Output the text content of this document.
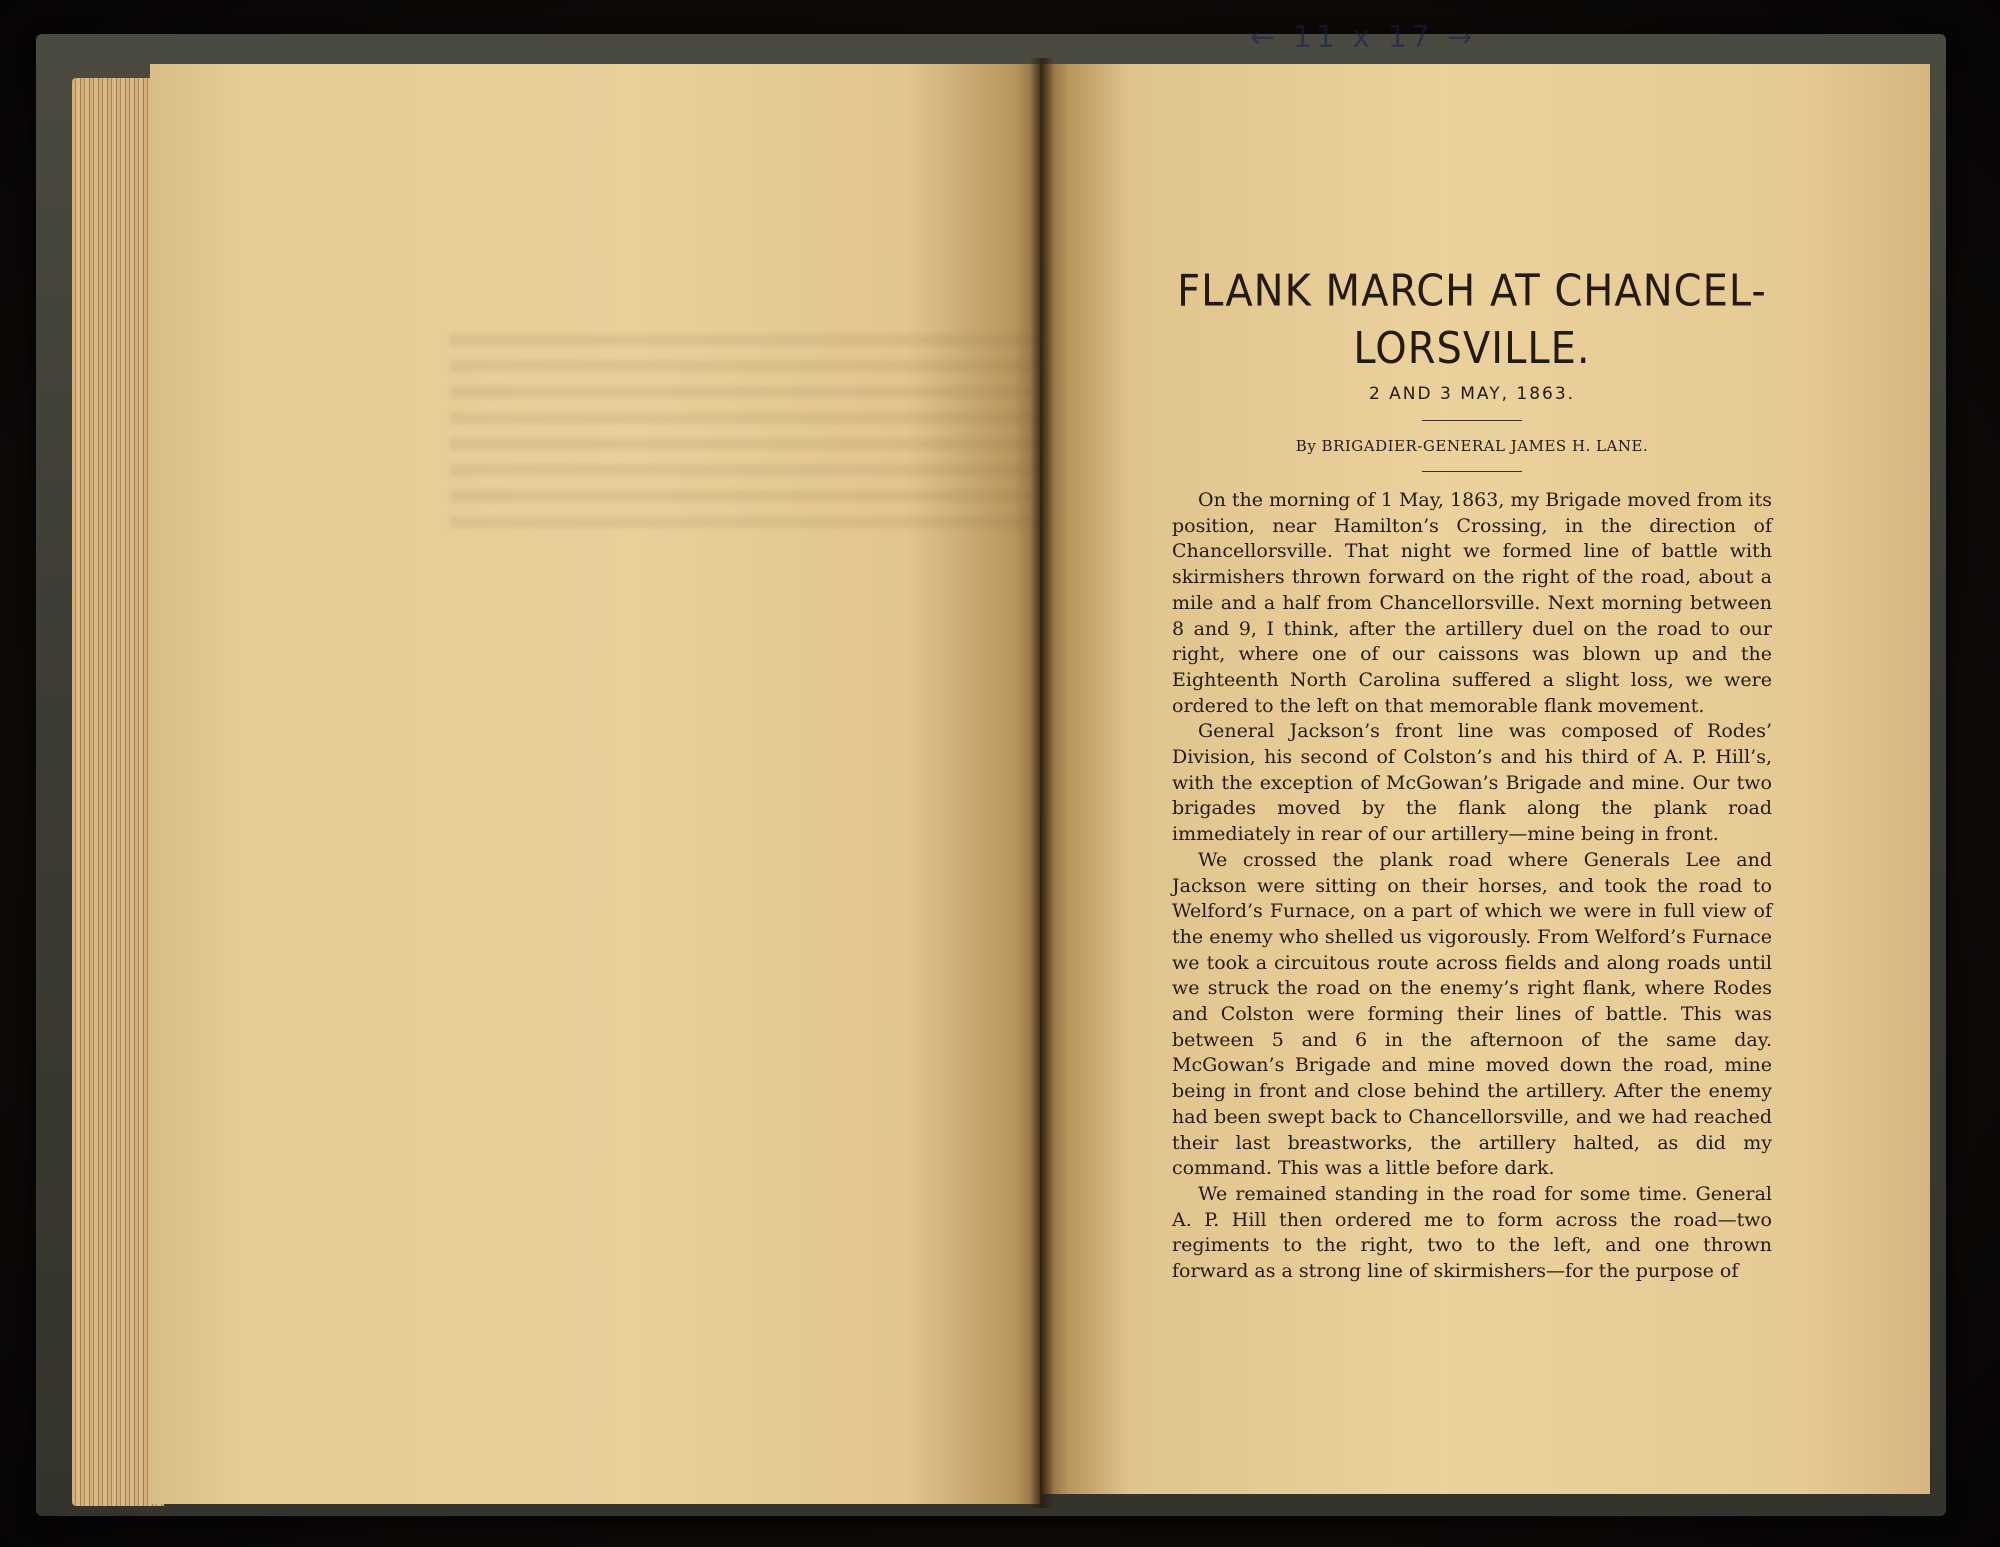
← 11 x 17 →
FLANK MARCH AT CHANCEL-
LORSVILLE.
2 AND 3 MAY, 1863.
By BRIGADIER-GENERAL JAMES H. LANE.

On the morning of 1 May, 1863, my Brigade moved from its position, near Hamilton’s Crossing, in the direction of Chancellorsville. That night we formed line of battle with skirmishers thrown forward on the right of the road, about a mile and a half from Chancellorsville. Next morning between 8 and 9, I think, after the artillery duel on the road to our right, where one of our caissons was blown up and the Eighteenth North Carolina suffered a slight loss, we were ordered to the left on that memorable flank movement.

General Jackson’s front line was composed of Rodes’ Division, his second of Colston’s and his third of A. P. Hill’s, with the exception of McGowan’s Brigade and mine. Our two brigades moved by the flank along the plank road immediately in rear of our artillery—mine being in front.

We crossed the plank road where Generals Lee and Jackson were sitting on their horses, and took the road to Welford’s Furnace, on a part of which we were in full view of the enemy who shelled us vigorously. From Welford’s Furnace we took a circuitous route across fields and along roads until we struck the road on the enemy’s right flank, where Rodes and Colston were forming their lines of battle. This was between 5 and 6 in the afternoon of the same day. McGowan’s Brigade and mine moved down the road, mine being in front and close behind the artillery. After the enemy had been swept back to Chancellorsville, and we had reached their last breastworks, the artillery halted, as did my command. This was a little before dark.

We remained standing in the road for some time. General A. P. Hill then ordered me to form across the road—two regiments to the right, two to the left, and one thrown forward as a strong line of skirmishers—for the purpose of
